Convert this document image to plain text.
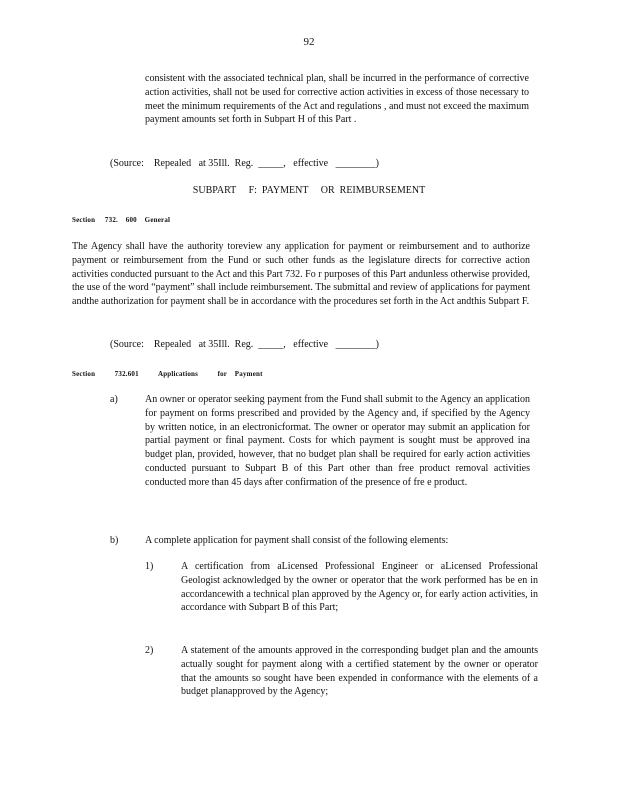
92
consistent with the associated technical plan, shall be incurred in the performance of corrective action activities, shall not be used for corrective action activities in excess of those necessary to meet the minimum requirements of the Act and regulations , and must not exceed the maximum payment amounts set forth in Subpart H of this Part .
(Source:    Repealed   at 35Ill.  Reg.  _____,   effective   ________)
SUBPART     F:  PAYMENT     OR  REIMBURSEMENT
Section     732.    600    General
The Agency shall have the authority toreview any application for payment or reimbursement and to authorize payment or reimbursement from the Fund or such other funds as the legislature directs for corrective action activities conducted pursuant to the Act and this Part 732. Fo r purposes of this Part andunless otherwise provided, the use of the word “payment” shall include reimbursement. The submittal and review of applications for payment andthe authorization for payment shall be in accordance with the procedures set forth in the Act andthis Subpart F.
(Source:    Repealed   at 35Ill.  Reg.  _____,   effective   ________)
Section          732.601          Applications          for    Payment
a)	An owner or operator seeking payment from the Fund shall submit to the Agency an application for payment on forms prescribed and provided by the Agency and, if specified by the Agency by written notice, in an electronicformat. The owner or operator may submit an application for partial payment or final payment. Costs for which payment is sought must be approved ina budget plan, provided, however, that no budget plan shall be required for early action activities conducted pursuant to Subpart B of this Part other than free product removal activities conducted more than 45 days after confirmation of the presence of fre e product.
b)	A complete application for payment shall consist of the following elements:
1)	A certification from aLicensed Professional Engineer or aLicensed Professional Geologist acknowledged by the owner or operator that the work performed has be en in accordancewith a technical plan approved by the Agency or, for early action activities, in accordance with Subpart B of this Part;
2)	A statement of the amounts approved in the corresponding budget plan and the amounts actually sought for payment along with a certified statement by the owner or operator that the amounts so sought have been expended in conformance with the elements of a budget planapproved by the Agency;
